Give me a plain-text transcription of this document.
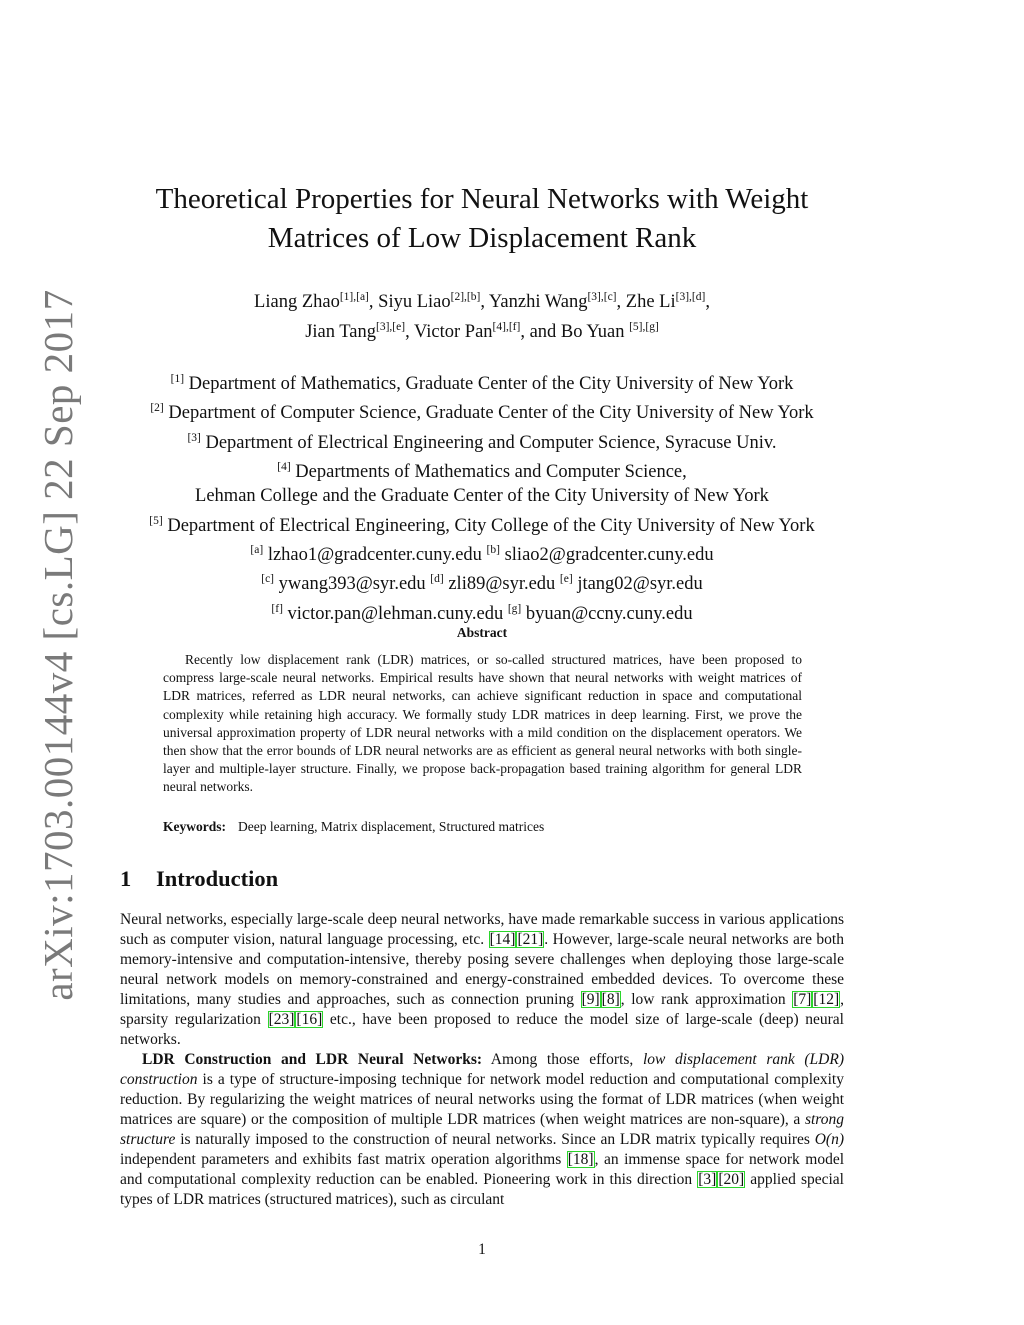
arXiv:1703.00144v4 [cs.LG] 22 Sep 2017
Theoretical Properties for Neural Networks with Weight
Matrices of Low Displacement Rank
Liang Zhao[1],[a], Siyu Liao[2],[b], Yanzhi Wang[3],[c], Zhe Li[3],[d],
Jian Tang[3],[e], Victor Pan[4],[f], and Bo Yuan [5],[g]
[1] Department of Mathematics, Graduate Center of the City University of New York
[2] Department of Computer Science, Graduate Center of the City University of New York
[3] Department of Electrical Engineering and Computer Science, Syracuse Univ.
[4] Departments of Mathematics and Computer Science,
Lehman College and the Graduate Center of the City University of New York
[5] Department of Electrical Engineering, City College of the City University of New York
[a] lzhao1@gradcenter.cuny.edu [b] sliao2@gradcenter.cuny.edu
[c] ywang393@syr.edu [d] zli89@syr.edu [e] jtang02@syr.edu
[f] victor.pan@lehman.cuny.edu [g] byuan@ccny.cuny.edu
Abstract

Recently low displacement rank (LDR) matrices, or so-called structured matrices, have been proposed to compress large-scale neural networks. Empirical results have shown that neural networks with weight matrices of LDR matrices, referred as LDR neural networks, can achieve significant reduction in space and computational complexity while retaining high accuracy. We formally study LDR matrices in deep learning. First, we prove the universal approximation property of LDR neural networks with a mild condition on the displacement operators. We then show that the error bounds of LDR neural networks are as efficient as general neural networks with both single-layer and multiple-layer structure. Finally, we propose back-propagation based training algorithm for general LDR neural networks.

Keywords: Deep learning, Matrix displacement, Structured matrices
1 Introduction

Neural networks, especially large-scale deep neural networks, have made remarkable success in various applications such as computer vision, natural language processing, etc. [14] [21]. However, large-scale neural networks are both memory-intensive and computation-intensive, thereby posing severe challenges when deploying those large-scale neural network models on memory-constrained and energy-constrained embedded devices. To overcome these limitations, many studies and approaches, such as connection pruning [9] [8], low rank approximation [7] [12], sparsity regularization [23] [16] etc., have been proposed to reduce the model size of large-scale (deep) neural networks.

LDR Construction and LDR Neural Networks: Among those efforts, low displacement rank (LDR) construction is a type of structure-imposing technique for network model reduction and computational complexity reduction. By regularizing the weight matrices of neural networks using the format of LDR matrices (when weight matrices are square) or the composition of multiple LDR matrices (when weight matrices are non-square), a strong structure is naturally imposed to the construction of neural networks. Since an LDR matrix typically requires O(n) independent parameters and exhibits fast matrix operation algorithms [18], an immense space for network model and computational complexity reduction can be enabled. Pioneering work in this direction [3] [20] applied special types of LDR matrices (structured matrices), such as circulant

1
